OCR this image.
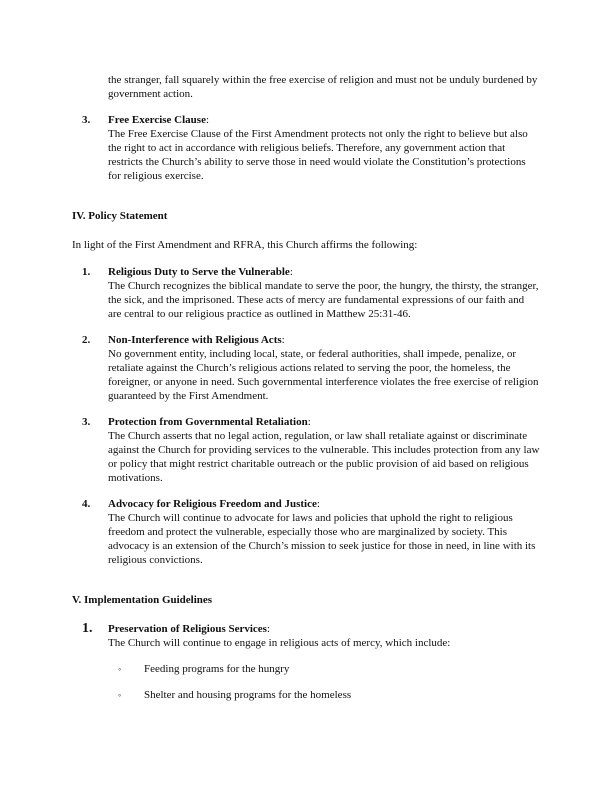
the stranger, fall squarely within the free exercise of religion and must not be unduly burdened by government action.

3. Free Exercise Clause:
The Free Exercise Clause of the First Amendment protects not only the right to believe but also the right to act in accordance with religious beliefs. Therefore, any government action that restricts the Church’s ability to serve those in need would violate the Constitution’s protections for religious exercise.
IV. Policy Statement

In light of the First Amendment and RFRA, this Church affirms the following:

1. Religious Duty to Serve the Vulnerable:
The Church recognizes the biblical mandate to serve the poor, the hungry, the thirsty, the stranger, the sick, and the imprisoned. These acts of mercy are fundamental expressions of our faith and are central to our religious practice as outlined in Matthew 25:31-46.
2. Non-Interference with Religious Acts:
No government entity, including local, state, or federal authorities, shall impede, penalize, or retaliate against the Church’s religious actions related to serving the poor, the homeless, the foreigner, or anyone in need. Such governmental interference violates the free exercise of religion guaranteed by the First Amendment.
3. Protection from Governmental Retaliation:
The Church asserts that no legal action, regulation, or law shall retaliate against or discriminate against the Church for providing services to the vulnerable. This includes protection from any law or policy that might restrict charitable outreach or the public provision of aid based on religious motivations.
4. Advocacy for Religious Freedom and Justice:
The Church will continue to advocate for laws and policies that uphold the right to religious freedom and protect the vulnerable, especially those who are marginalized by society. This advocacy is an extension of the Church’s mission to seek justice for those in need, in line with its religious convictions.
V. Implementation Guidelines
1. Preservation of Religious Services:
The Church will continue to engage in religious acts of mercy, which include:
◦ Feeding programs for the hungry
◦ Shelter and housing programs for the homeless
